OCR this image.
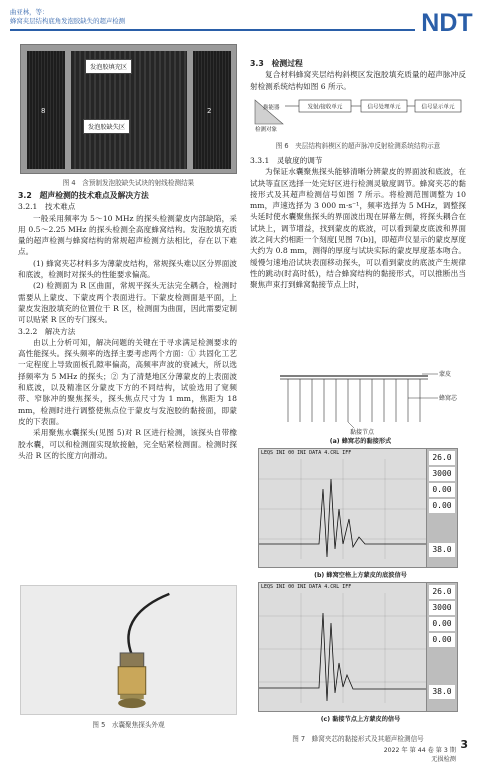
曲亚林，等：
蜂窝夹层结构底角发泡胶缺失的超声检测	NDT
8	2
发泡胶填充区
发泡胶缺失区
图 4　含预制发泡胶缺失试块的射线检测结果
3.2　超声检测的技术难点及解决方法
3.2.1　技术难点
一般采用频率为 5～10 MHz 的探头检测蒙皮内部缺陷，采用 0.5～2.25 MHz 的探头检测全高度蜂窝结构。发泡胶填充质量的超声检测与蜂窝结构的常规超声检测方法相比，存在以下难点。
(1) 蜂窝夹芯材料多为薄蒙皮结构，常规探头难以区分界面波和底波，检测时对探头的性能要求偏高。
(2) 检测面为 R 区曲面，常规平探头无法完全耦合，检测时需要从上蒙皮、下蒙皮两个表面进行。下蒙皮检测面是平面，上蒙皮发泡胶填充的位置位于 R 区，检测面为曲面，因此需要定制可以贴紧 R 区的专门探头。
3.2.2　解决方法
由以上分析可知，解决问题的关键在于寻求满足检测要求的高性能探头。探头频率的选择主要考虑两个方面：① 共固化工艺一定程度上导致面板孔隙率偏高，高频率声波的衰减大，所以选择频率为 5 MHz 的探头；② 为了清楚地区分薄蒙皮的上表面波和底波，以及精准区分蒙皮下方的不同结构，试验选用了宽频带、窄脉冲的聚焦探头，探头焦点尺寸为 1 mm，焦距为 18 mm，检测时进行调整使焦点位于蒙皮与发泡胶的黏接面，即蒙皮的下表面。
采用聚焦水囊探头(见图 5)对 R 区进行检测，该探头自带橡胶水囊，可以和检测面实现软接触，完全贴紧检测面。检测时探头沿 R 区的长度方向滑动。
图 5　水囊聚焦探头外观
3.3　检测过程
复合材料蜂窝夹层结构斜楔区发泡胶填充质量的超声脉冲反射检测系统结构如图 6 所示。
换能器
检测对象
发射/接收单元	信号处理单元	信号显示单元
图 6　夹层结构斜楔区的超声脉冲反射检测系统结构示意
3.3.1　灵敏度的调节
为保证水囊聚焦探头能够清晰分辨蒙皮的界面波和底波，在试块等直区选择一处完好区进行检测灵敏度调节。蜂窝夹芯的黏接形式及其超声检测信号如图 7 所示。将检测范围调整为 10 mm，声速选择为 3 000 m·s⁻¹，频率选择为 5 MHz，调整探头延时使水囊聚焦探头的界面波出现在屏幕左侧，将探头耦合在试块上，调节增益，找到蒙皮的底波，可以看到蒙皮底波和界面波之间大约相距一个刻度[见图 7(b)]，即超声仪显示的蒙皮厚度大约为 0.8 mm，测得的厚度与试块实际的蒙皮厚度基本吻合。缓慢匀速地沿试块表面移动探头，可以看到蒙皮的底波产生规律性的跳动(时高时低)，结合蜂窝结构的黏接形式，可以推断出当聚焦声束打到蜂窝黏接节点上时，
蒙皮
蜂窝芯
黏接节点
(a) 蜂窝芯的黏接形式
LEQS INI 00 INI DATA 4.CRL IFF	26.0
3000
0.00
0.00
38.0
(b) 蜂窝空格上方蒙皮的底波信号
LEQS INI 00 INI DATA 4.CRL IFF	26.0
3000
0.00
0.00
38.0
(c) 黏接节点上方蒙皮的信号
图 7　蜂窝夹芯的黏接形式及其超声检测信号	3
2022 年 第 44 卷 第 3 期
无损检测
